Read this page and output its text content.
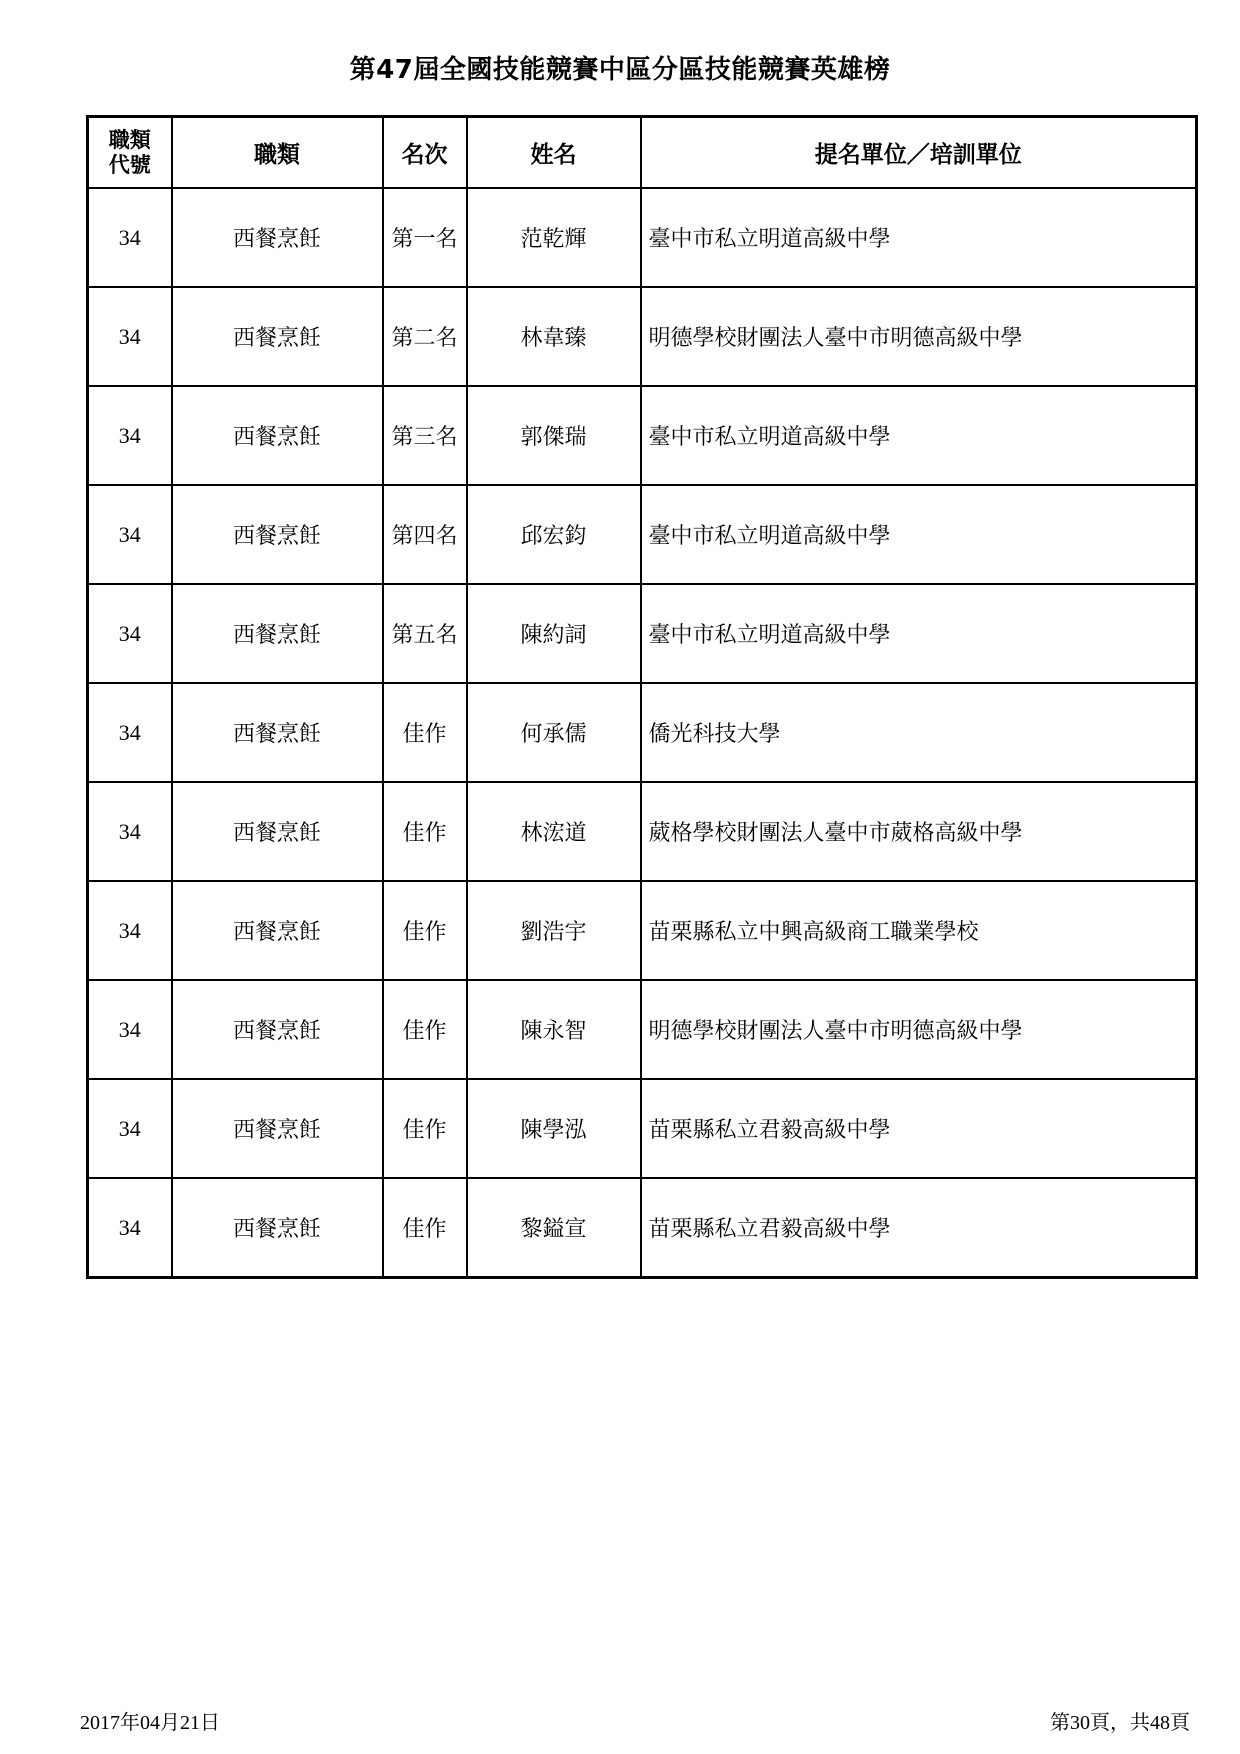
第47屆全國技能競賽中區分區技能競賽英雄榜
職類
代號	職類	名次	姓名	提名單位／培訓單位
34	西餐烹飪	第一名	范乾輝	臺中市私立明道高級中學
34	西餐烹飪	第二名	林韋臻	明德學校財團法人臺中市明德高級中學
34	西餐烹飪	第三名	郭傑瑞	臺中市私立明道高級中學
34	西餐烹飪	第四名	邱宏鈞	臺中市私立明道高級中學
34	西餐烹飪	第五名	陳約詞	臺中市私立明道高級中學
34	西餐烹飪	佳作	何承儒	僑光科技大學
34	西餐烹飪	佳作	林浤道	葳格學校財團法人臺中市葳格高級中學
34	西餐烹飪	佳作	劉浩宇	苗栗縣私立中興高級商工職業學校
34	西餐烹飪	佳作	陳永智	明德學校財團法人臺中市明德高級中學
34	西餐烹飪	佳作	陳學泓	苗栗縣私立君毅高級中學
34	西餐烹飪	佳作	黎鎰宣	苗栗縣私立君毅高級中學
2017年04月21日	第30頁，共48頁
